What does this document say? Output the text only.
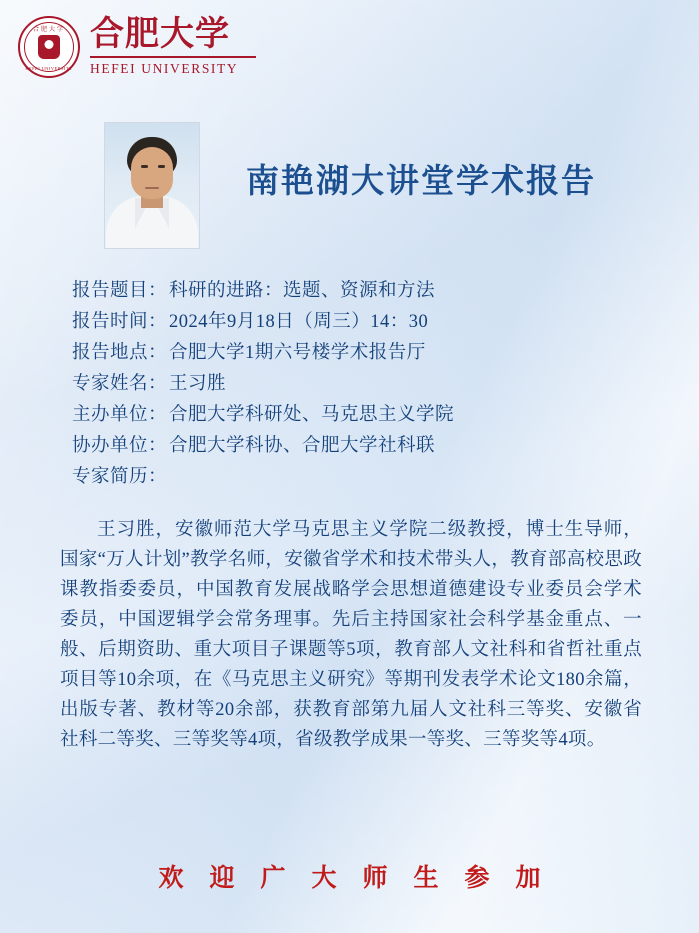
合肥大学
HEFEI UNIVERSITY
合肥大学
HEFEI UNIVERSITY
南艳湖大讲堂学术报告
报告题目： 科研的进路：选题、资源和方法
报告时间： 2024年9月18日（周三）14：30
报告地点： 合肥大学1期六号楼学术报告厅
专家姓名： 王习胜
主办单位： 合肥大学科研处、马克思主义学院
协办单位： 合肥大学科协、合肥大学社科联
专家简历：
王习胜，安徽师范大学马克思主义学院二级教授，博士生导师，国家“万人计划”教学名师，安徽省学术和技术带头人，教育部高校思政课教指委委员，中国教育发展战略学会思想道德建设专业委员会学术委员，中国逻辑学会常务理事。先后主持国家社会科学基金重点、一般、后期资助、重大项目子课题等5项，教育部人文社科和省哲社重点项目等10余项，在《马克思主义研究》等期刊发表学术论文180余篇，出版专著、教材等20余部，获教育部第九届人文社科三等奖、安徽省社科二等奖、三等奖等4项，省级教学成果一等奖、三等奖等4项。
欢迎广大师生参加
